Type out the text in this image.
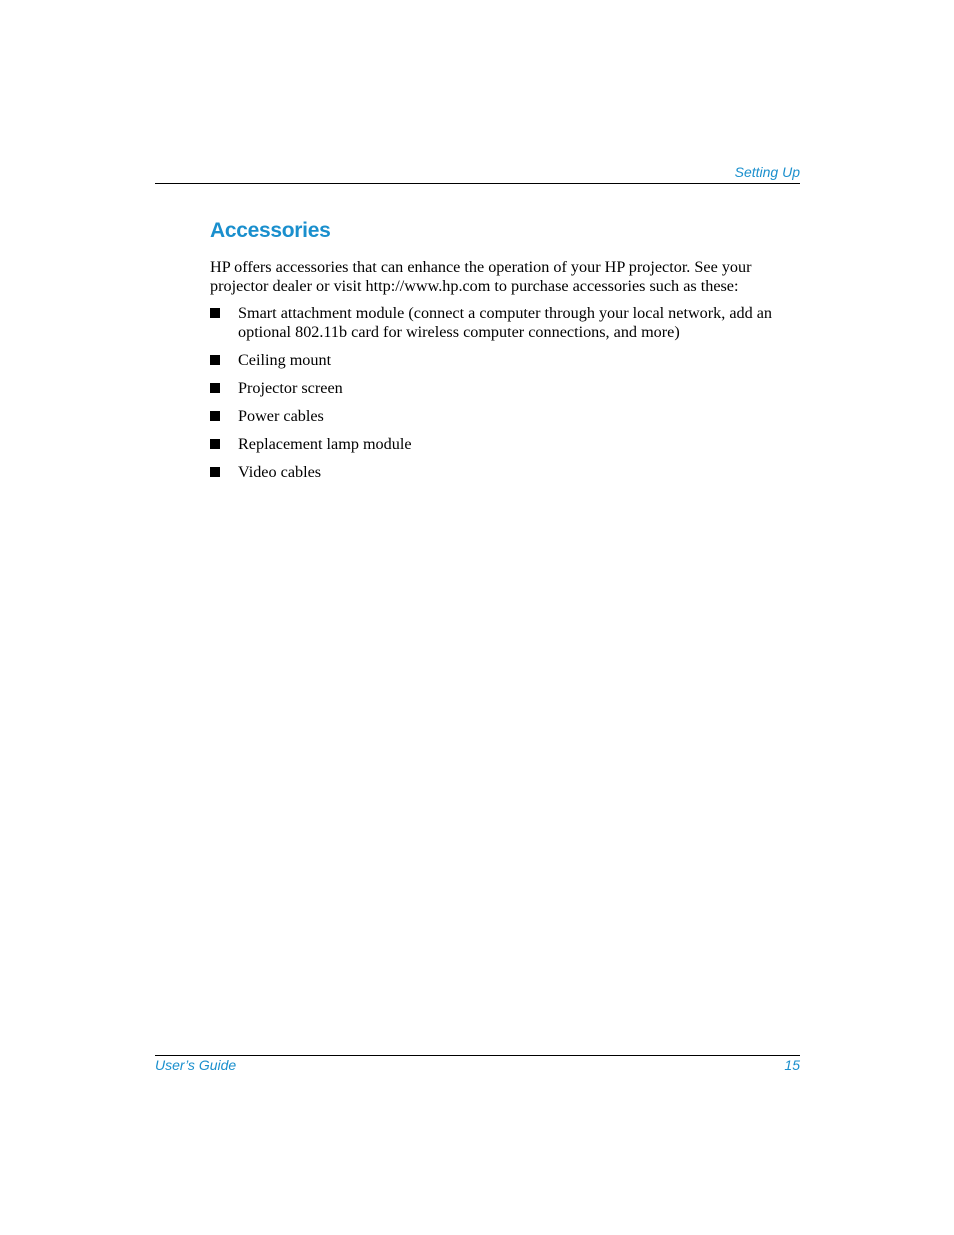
Setting Up
Accessories

HP offers accessories that can enhance the operation of your HP projector. See your projector dealer or visit http://www.hp.com to purchase accessories such as these:

Smart attachment module (connect a computer through your local network, add an optional 802.11b card for wireless computer connections, and more)
Ceiling mount
Projector screen
Power cables
Replacement lamp module
Video cables
User’s Guide	15
